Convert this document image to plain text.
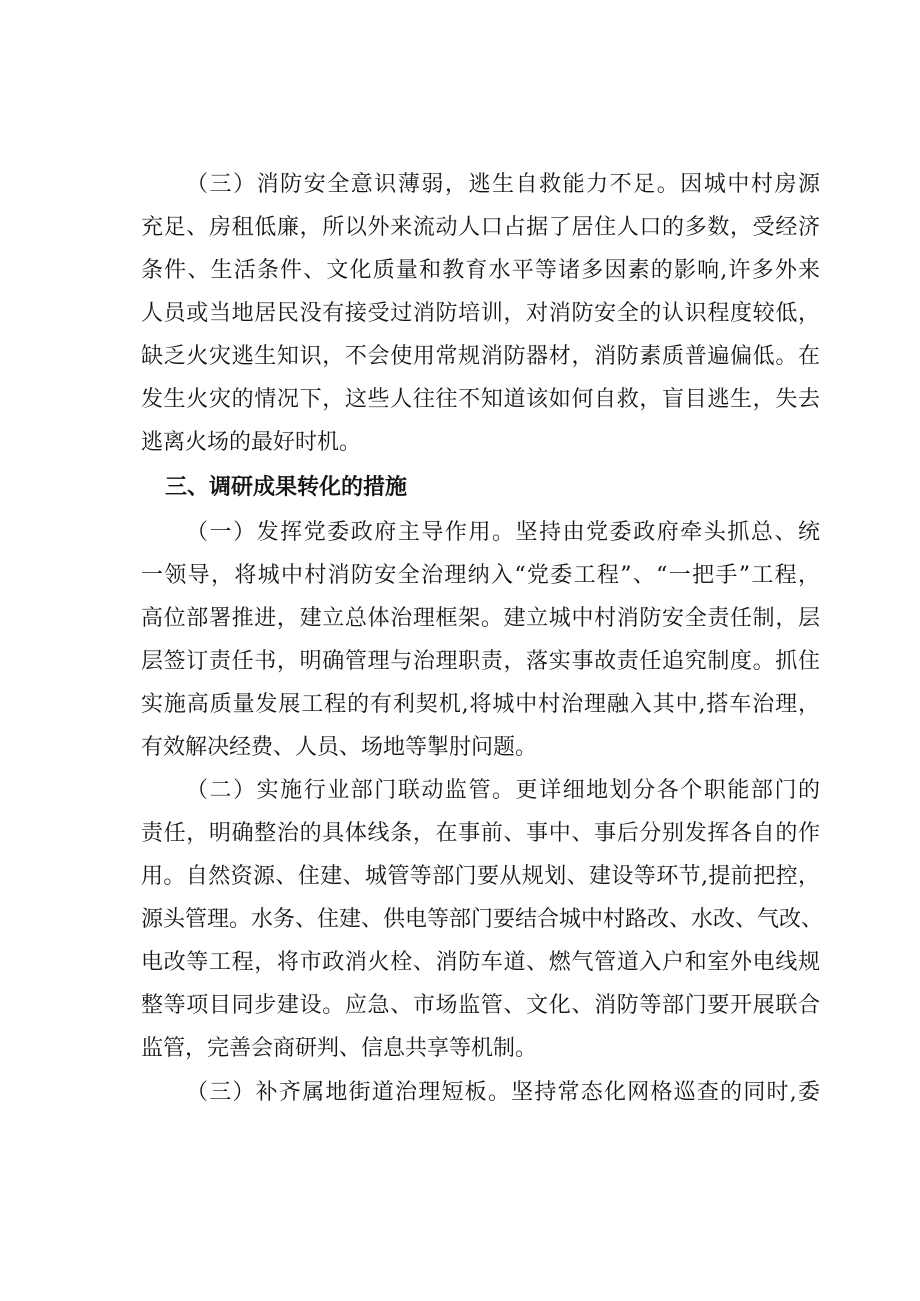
（三）消防安全意识薄弱，逃生自救能力不足。因城中村房源
充足、房租低廉，所以外来流动人口占据了居住人口的多数，受经济
条件、生活条件、文化质量和教育水平等诸多因素的影响,许多外来
人员或当地居民没有接受过消防培训，对消防安全的认识程度较低，
缺乏火灾逃生知识，不会使用常规消防器材，消防素质普遍偏低。在
发生火灾的情况下，这些人往往不知道该如何自救，盲目逃生，失去
逃离火场的最好时机。
三、调研成果转化的措施
（一）发挥党委政府主导作用。坚持由党委政府牵头抓总、统
一领导，将城中村消防安全治理纳入“党委工程”、“一把手”工程，
高位部署推进，建立总体治理框架。建立城中村消防安全责任制，层
层签订责任书，明确管理与治理职责，落实事故责任追究制度。抓住
实施高质量发展工程的有利契机,将城中村治理融入其中,搭车治理，
有效解决经费、人员、场地等掣肘问题。
（二）实施行业部门联动监管。更详细地划分各个职能部门的
责任，明确整治的具体线条，在事前、事中、事后分别发挥各自的作
用。自然资源、住建、城管等部门要从规划、建设等环节,提前把控，
源头管理。水务、住建、供电等部门要结合城中村路改、水改、气改、
电改等工程，将市政消火栓、消防车道、燃气管道入户和室外电线规
整等项目同步建设。应急、市场监管、文化、消防等部门要开展联合
监管，完善会商研判、信息共享等机制。
（三）补齐属地街道治理短板。坚持常态化网格巡查的同时,委
